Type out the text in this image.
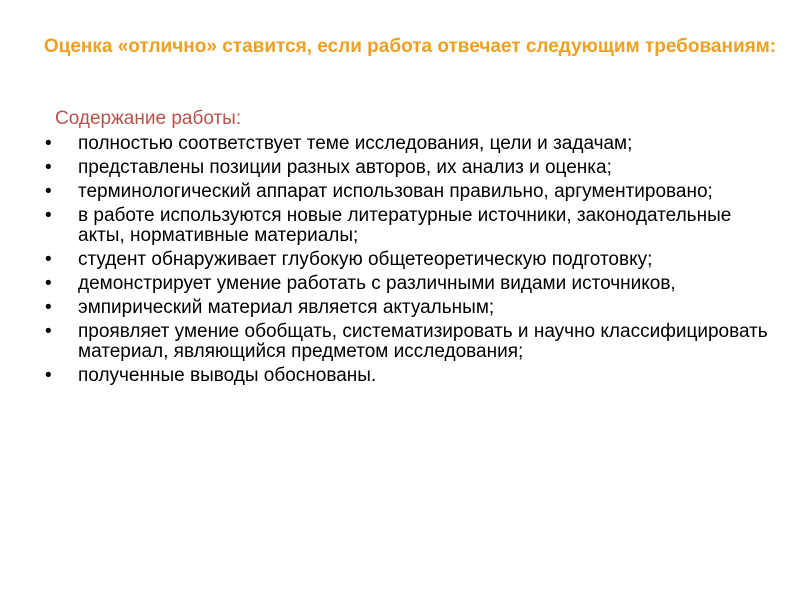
Оценка «отлично» ставится, если работа отвечает следующим требованиям:
Содержание работы:
•	полностью соответствует теме исследования, цели и задачам;
•	представлены позиции разных авторов, их анализ и оценка;
•	терминологический аппарат использован правильно, аргументировано;
•	в работе используются новые литературные источники, законодательные акты, нормативные материалы;
•	студент обнаруживает глубокую общетеоретическую подготовку;
•	демонстрирует умение работать с различными видами источников,
•	эмпирический материал является актуальным;
•	проявляет умение обобщать, систематизировать и научно классифицировать материал, являющийся предметом исследования;
•	полученные выводы обоснованы.
